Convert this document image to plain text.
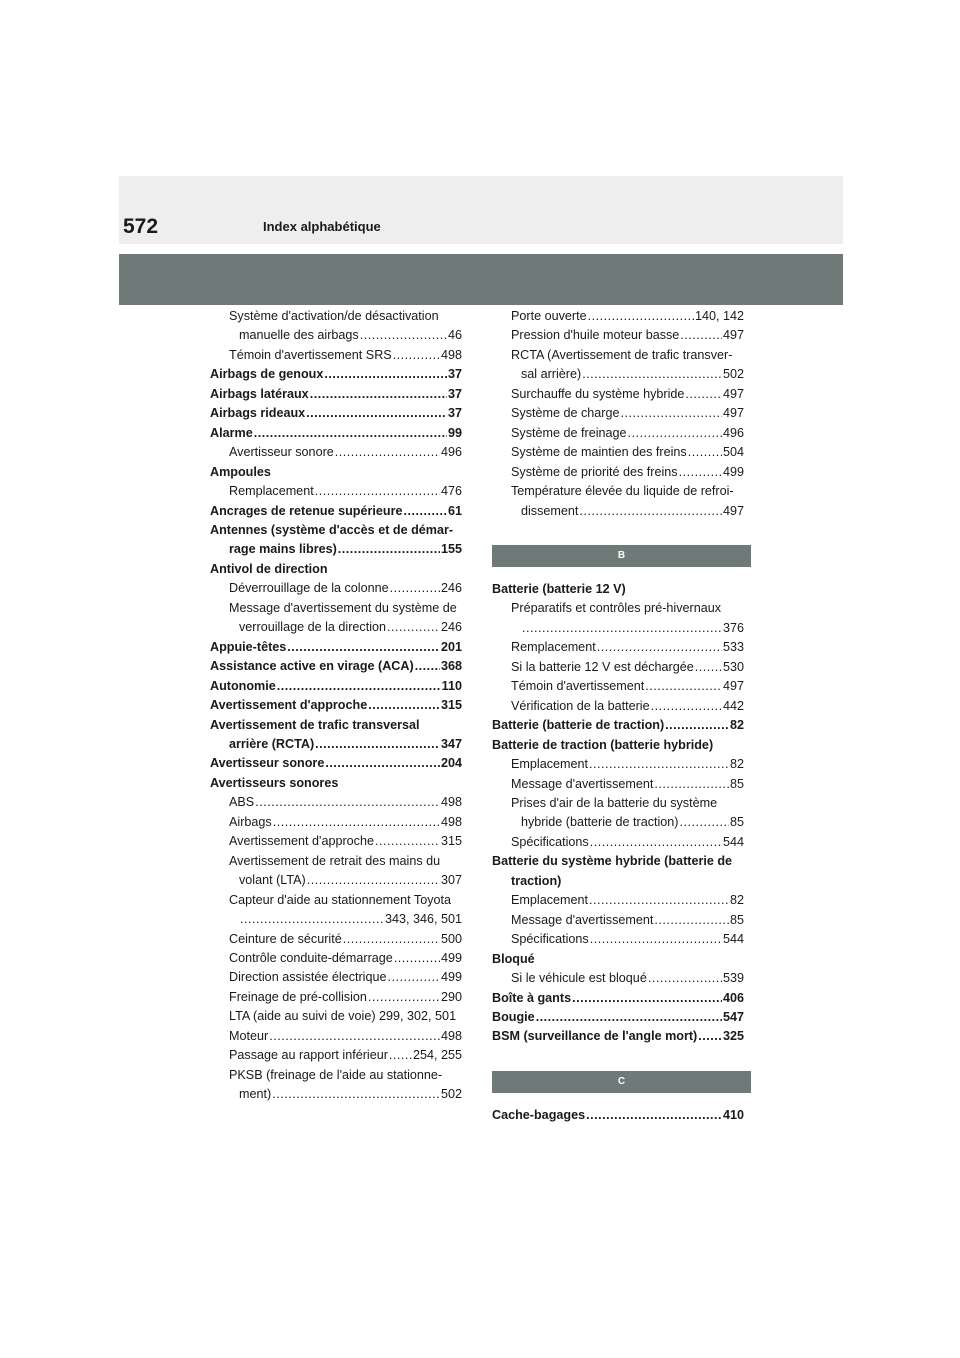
572	Index alphabétique
Système d'activation/de désactivation
manuelle des airbags .....	46
Témoin d'avertissement SRS .....	498
Airbags de genoux .....	37
Airbags latéraux .....	37
Airbags rideaux .....	37
Alarme .....	99
Avertisseur sonore .....	496
Ampoules
Remplacement .....	476
Ancrages de retenue supérieure .....	61
Antennes (système d'accès et de démar-
rage mains libres) .....	155
Antivol de direction
Déverrouillage de la colonne .....	246
Message d'avertissement du système de
verrouillage de la direction .....	246
Appuie-têtes .....	201
Assistance active en virage (ACA) ..... 368
Autonomie .....	110
Avertissement d'approche .....	315
Avertissement de trafic transversal
arrière (RCTA) .....	347
Avertisseur sonore .....	204
Avertisseurs sonores
ABS .....	498
Airbags .....	498
Avertissement d'approche .....	315
Avertissement de retrait des mains du
volant (LTA) .....	307
Capteur d'aide au stationnement Toyota
.....
343, 346, 501
Ceinture de sécurité .....	500
Contrôle conduite-démarrage .....	499
Direction assistée électrique .....	499
Freinage de pré-collision .....	290
LTA (aide au suivi de voie) 299, 302, 501
Moteur .....	498
Passage au rapport inférieur ..... 254, 255
PKSB (freinage de l'aide au stationne-
ment) .....	502
Porte ouverte .....	140, 142
Pression d'huile moteur basse .....	497
RCTA (Avertissement de trafic transver-
sal arrière) .....	502
Surchauffe du système hybride .....	497
Système de charge .....	497
Système de freinage .....	496
Système de maintien des freins .....	504
Système de priorité des freins .....	499
Température élevée du liquide de refroi-
dissement .....	497
B
Batterie (batterie 12 V)
Préparatifs et contrôles pré-hivernaux
.....
376
Remplacement .....	533
Si la batterie 12 V est déchargée ..... 530
Témoin d'avertissement .....	497
Vérification de la batterie .....	442
Batterie (batterie de traction) .....	82
Batterie de traction (batterie hybride)
Emplacement .....	82
Message d'avertissement .....	85
Prises d'air de la batterie du système
hybride (batterie de traction) .....	85
Spécifications .....	544
Batterie du système hybride (batterie de
traction)
Emplacement .....	82
Message d'avertissement .....	85
Spécifications .....	544
Bloqué
Si le véhicule est bloqué .....	539
Boîte à gants .....	406
Bougie .....	547
BSM (surveillance de l'angle mort) ..... 325
C
Cache-bagages .....	410
